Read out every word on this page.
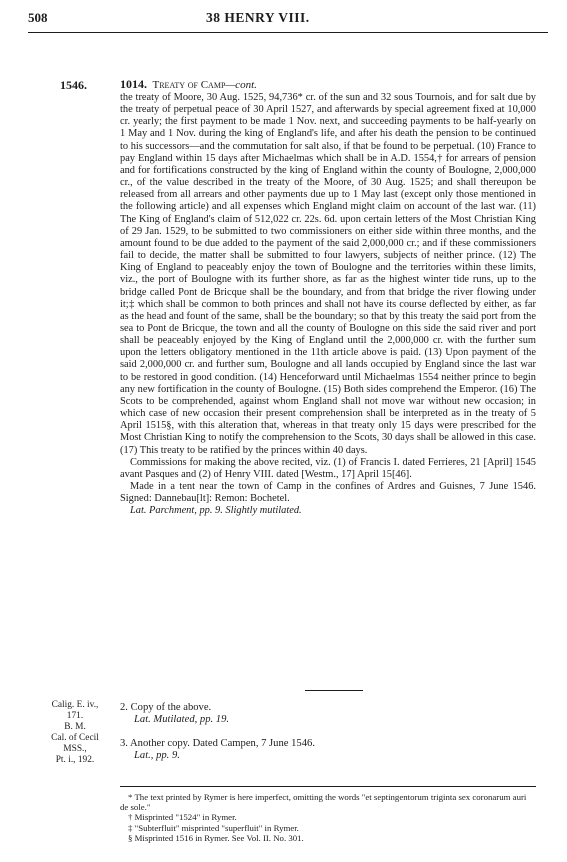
508	38 HENRY VIII.

1546.	1014. Treaty of Camp—cont.

the treaty of Moore, 30 Aug. 1525, 94,736* cr. of the sun and 32 sous Tournois, and for salt due by the treaty of perpetual peace of 30 April 1527, and afterwards by special agreement fixed at 10,000 cr. yearly; the first payment to be made 1 Nov. next, and succeeding payments to be half-yearly on 1 May and 1 Nov. during the king of England's life, and after his death the pension to be continued to his successors—and the commutation for salt also, if that be found to be perpetual. (10) France to pay England within 15 days after Michaelmas which shall be in A.D. 1554,† for arrears of pension and for fortifications constructed by the king of England within the county of Boulogne, 2,000,000 cr., of the value described in the treaty of the Moore, of 30 Aug. 1525; and shall thereupon be released from all arrears and other payments due up to 1 May last (except only those mentioned in the following article) and all expenses which England might claim on account of the last war. (11) The King of England's claim of 512,022 cr. 22s. 6d. upon certain letters of the Most Christian King of 29 Jan. 1529, to be submitted to two commissioners on either side within three months, and the amount found to be due added to the payment of the said 2,000,000 cr.; and if these commissioners fail to decide, the matter shall be submitted to four lawyers, subjects of neither prince. (12) The King of England to peaceably enjoy the town of Boulogne and the territories within these limits, viz., the port of Boulogne with its further shore, as far as the highest winter tide runs, up to the bridge called Pont de Bricque shall be the boundary, and from that bridge the river flowing under it;‡ which shall be common to both princes and shall not have its course deflected by either, as far as the head and fount of the same, shall be the boundary; so that by this treaty the said port from the sea to Pont de Bricque, the town and all the county of Boulogne on this side the said river and port shall be peaceably enjoyed by the King of England until the 2,000,000 cr. with the further sum upon the letters obligatory mentioned in the 11th article above is paid. (13) Upon payment of the said 2,000,000 cr. and further sum, Boulogne and all lands occupied by England since the last war to be restored in good condition. (14) Henceforward until Michaelmas 1554 neither prince to begin any new fortification in the county of Boulogne. (15) Both sides comprehend the Emperor. (16) The Scots to be comprehended, against whom England shall not move war without new occasion; in which case of new occasion their present comprehension shall be interpreted as in the treaty of 5 April 1515§, with this alteration that, whereas in that treaty only 15 days were prescribed for the Most Christian King to notify the comprehension to the Scots, 30 days shall be allowed in this case. (17) This treaty to be ratified by the princes within 40 days.

Commissions for making the above recited, viz. (1) of Francis I. dated Ferrieres, 21 [April] 1545 avant Pasques and (2) of Henry VIII. dated [Westm., 17] April 15[46].

Made in a tent near the town of Camp in the confines of Ardres and Guisnes, 7 June 1546. Signed: Dannebau[lt]: Remon: Bochetel.

Lat. Parchment, pp. 9. Slightly mutilated.

2. Copy of the above.
Lat. Mutilated, pp. 19.
3. Another copy. Dated Campen, 7 June 1546.
Lat., pp. 9.
Calig. E. iv.,
171.
B. M.
Cal. of Cecil
MSS.,
Pt. i., 192.

* The text printed by Rymer is here imperfect, omitting the words "et septingentorum triginta sex coronarum auri de sole."

† Misprinted "1524" in Rymer.

‡ "Subterfluit" misprinted "superfluit" in Rymer.

§ Misprinted 1516 in Rymer. See Vol. II. No. 301.
